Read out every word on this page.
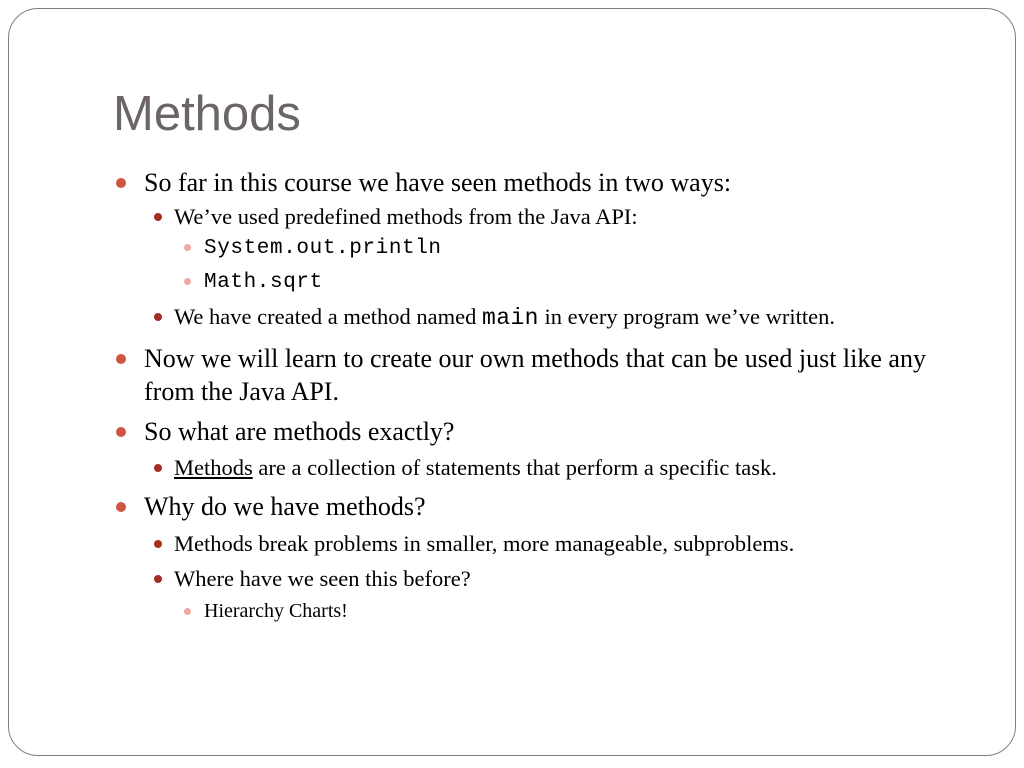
Methods
So far in this course we have seen methods in two ways:
We’ve used predefined methods from the Java API:
System.out.println
Math.sqrt
We have created a method named main in every program we’ve written.
Now we will learn to create our own methods that can be used just like any from the Java API.
So what are methods exactly?
Methods are a collection of statements that perform a specific task.
Why do we have methods?
Methods break problems in smaller, more manageable, subproblems.
Where have we seen this before?
Hierarchy Charts!
